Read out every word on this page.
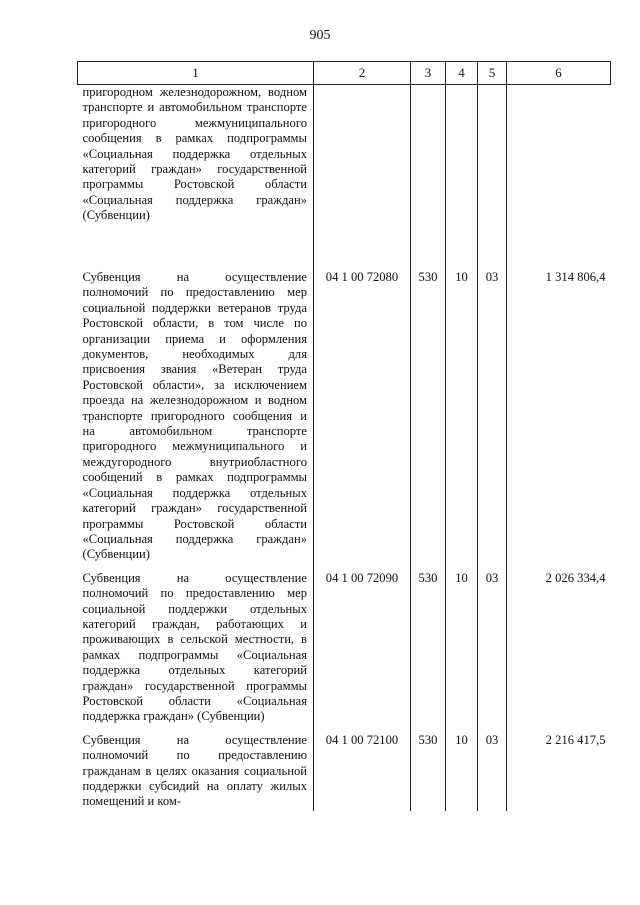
905
1	2	3	4	5	6
пригородном железнодорожном, водном транспорте и автомобильном транспорте пригородного межмуниципального сообщения в рамках подпрограммы «Социальная поддержка отдельных категорий граждан» государственной программы Ростовской области «Социальная поддержка граждан» (Субвенции)					
Субвенция на осуществление полномочий по предоставлению мер социальной поддержки ветеранов труда Ростовской области, в том числе по организации приема и оформления документов, необходимых для присвоения звания «Ветеран труда Ростовской области», за исключением проезда на железнодорожном и водном транспорте пригородного сообщения и на автомобильном транспорте пригородного межмуниципального и междугородного внутриобластного сообщений в рамках подпрограммы «Социальная поддержка отдельных категорий граждан» государственной программы Ростовской области «Социальная поддержка граждан» (Субвенции)	04 1 00 72080	530	10	03	1 314 806,4
Субвенция на осуществление полномочий по предоставлению мер социальной поддержки отдельных категорий граждан, работающих и проживающих в сельской местности, в рамках подпрограммы «Социальная поддержка отдельных категорий граждан» государственной программы Ростовской области «Социальная поддержка граждан» (Субвенции)	04 1 00 72090	530	10	03	2 026 334,4
Субвенция на осуществление полномочий по предоставлению гражданам в целях оказания социальной поддержки субсидий на оплату жилых помещений и ком-	04 1 00 72100	530	10	03	2 216 417,5
